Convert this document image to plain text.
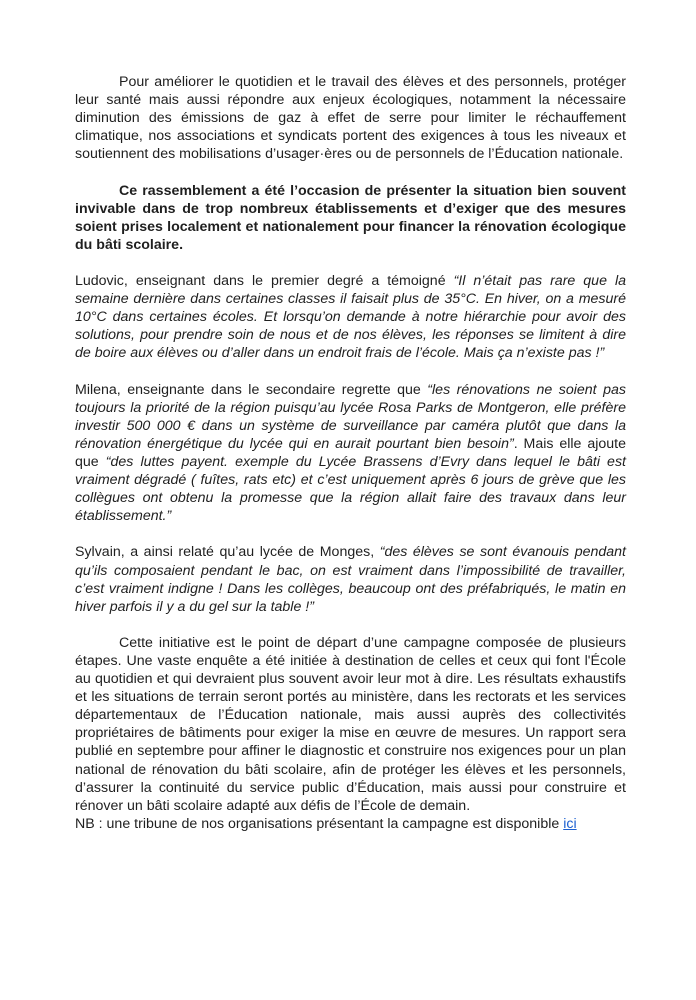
Pour améliorer le quotidien et le travail des élèves et des personnels, protéger leur santé mais aussi répondre aux enjeux écologiques, notamment la nécessaire diminution des émissions de gaz à effet de serre pour limiter le réchauffement climatique, nos associations et syndicats portent des exigences à tous les niveaux et soutiennent des mobilisations d’usager·ères ou de personnels de l’Éducation nationale.

Ce rassemblement a été l’occasion de présenter la situation bien souvent invivable dans de trop nombreux établissements et d’exiger que des mesures soient prises localement et nationalement pour financer la rénovation écologique du bâti scolaire.

Ludovic, enseignant dans le premier degré a témoigné “Il n’était pas rare que la semaine dernière dans certaines classes il faisait plus de 35°C. En hiver, on a mesuré 10°C dans certaines écoles. Et lorsqu’on demande à notre hiérarchie pour avoir des solutions, pour prendre soin de nous et de nos élèves, les réponses se limitent à dire de boire aux élèves ou d’aller dans un endroit frais de l’école. Mais ça n’existe pas !”

Milena, enseignante dans le secondaire regrette que “les rénovations ne soient pas toujours la priorité de la région puisqu’au lycée Rosa Parks de Montgeron, elle préfère investir 500 000 € dans un système de surveillance par caméra plutôt que dans la rénovation énergétique du lycée qui en aurait pourtant bien besoin”. Mais elle ajoute que “des luttes payent. exemple du Lycée Brassens d’Evry dans lequel le bâti est vraiment dégradé ( fuîtes, rats etc) et c’est uniquement après 6 jours de grève que les collègues ont obtenu la promesse que la région allait faire des travaux dans leur établissement.”

Sylvain, a ainsi relaté qu’au lycée de Monges, “des élèves se sont évanouis pendant qu’ils composaient pendant le bac, on est vraiment dans l’impossibilité de travailler, c’est vraiment indigne ! Dans les collèges, beaucoup ont des préfabriqués, le matin en hiver parfois il y a du gel sur la table !”

Cette initiative est le point de départ d’une campagne composée de plusieurs étapes. Une vaste enquête a été initiée à destination de celles et ceux qui font l'École au quotidien et qui devraient plus souvent avoir leur mot à dire. Les résultats exhaustifs et les situations de terrain seront portés au ministère, dans les rectorats et les services départementaux de l’Éducation nationale, mais aussi auprès des collectivités propriétaires de bâtiments pour exiger la mise en œuvre de mesures. Un rapport sera publié en septembre pour affiner le diagnostic et construire nos exigences pour un plan national de rénovation du bâti scolaire, afin de protéger les élèves et les personnels, d’assurer la continuité du service public d’Éducation, mais aussi pour construire et rénover un bâti scolaire adapté aux défis de l’École de demain.

NB : une tribune de nos organisations présentant la campagne est disponible ici
